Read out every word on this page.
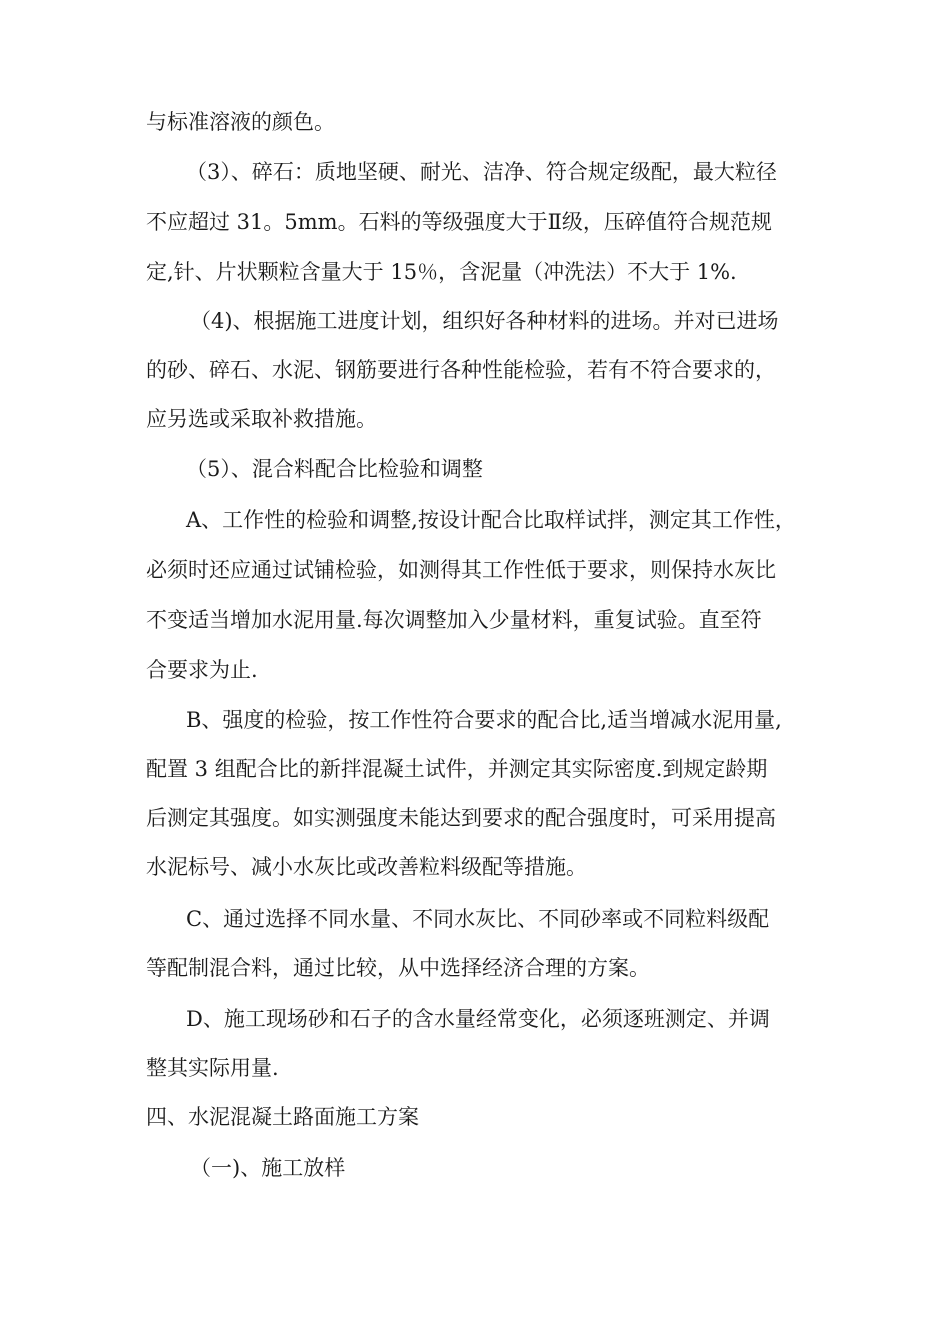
与标准溶液的颜色。
（3）、碎石：质地坚硬、耐光、洁净、符合规定级配，最大粒径
不应超过 31。5mm。石料的等级强度大于Ⅱ级，压碎值符合规范规
定,针、片状颗粒含量大于 15％，含泥量（冲洗法）不大于 1%.
（4)、根据施工进度计划，组织好各种材料的进场。并对已进场
的砂、碎石、水泥、钢筋要进行各种性能检验，若有不符合要求的，
应另选或采取补救措施。
（5）、混合料配合比检验和调整
A、工作性的检验和调整,按设计配合比取样试拌，测定其工作性，
必须时还应通过试铺检验，如测得其工作性低于要求，则保持水灰比
不变适当增加水泥用量.每次调整加入少量材料，重复试验。直至符
合要求为止.
B、强度的检验，按工作性符合要求的配合比,适当增减水泥用量,
配置 3 组配合比的新拌混凝土试件，并测定其实际密度.到规定龄期
后测定其强度。如实测强度未能达到要求的配合强度时，可采用提高
水泥标号、减小水灰比或改善粒料级配等措施。
C、通过选择不同水量、不同水灰比、不同砂率或不同粒料级配
等配制混合料，通过比较，从中选择经济合理的方案。
D、施工现场砂和石子的含水量经常变化，必须逐班测定、并调
整其实际用量.
四、水泥混凝土路面施工方案
（一)、施工放样
